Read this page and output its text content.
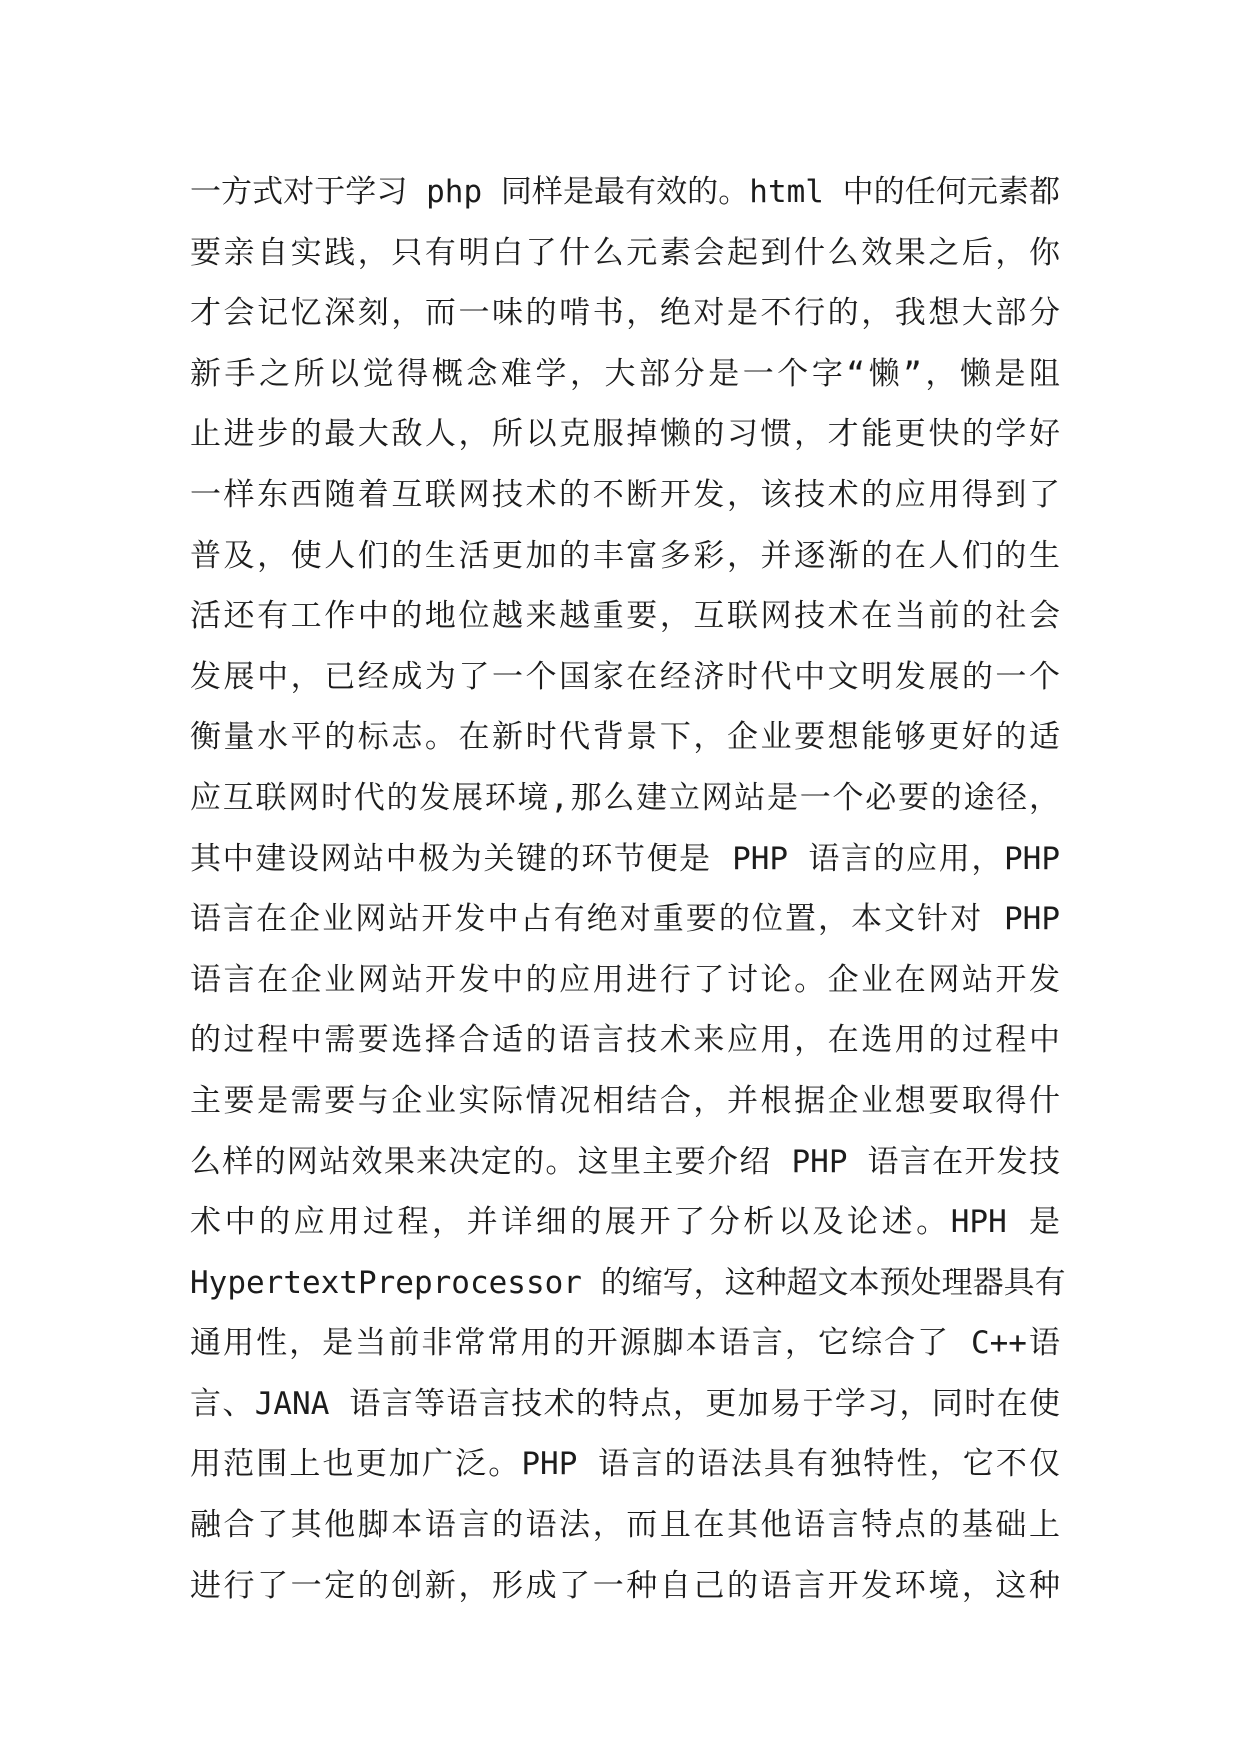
一方式对于学习 php 同样是最有效的。html 中的任何元素都
要亲自实践，只有明白了什么元素会起到什么效果之后，你
才会记忆深刻，而一味的啃书，绝对是不行的，我想大部分
新手之所以觉得概念难学，大部分是一个字“懒”，懒是阻
止进步的最大敌人，所以克服掉懒的习惯，才能更快的学好
一样东西随着互联网技术的不断开发，该技术的应用得到了
普及，使人们的生活更加的丰富多彩，并逐渐的在人们的生
活还有工作中的地位越来越重要，互联网技术在当前的社会
发展中，已经成为了一个国家在经济时代中文明发展的一个
衡量水平的标志。在新时代背景下，企业要想能够更好的适
应互联网时代的发展环境,那么建立网站是一个必要的途径，
其中建设网站中极为关键的环节便是 PHP 语言的应用，PHP
语言在企业网站开发中占有绝对重要的位置，本文针对 PHP
语言在企业网站开发中的应用进行了讨论。企业在网站开发
的过程中需要选择合适的语言技术来应用，在选用的过程中
主要是需要与企业实际情况相结合，并根据企业想要取得什
么样的网站效果来决定的。这里主要介绍 PHP 语言在开发技
术中的应用过程，并详细的展开了分析以及论述。HPH 是
HypertextPreprocessor 的缩写，这种超文本预处理器具有
通用性，是当前非常常用的开源脚本语言，它综合了 C++语
言、JANA 语言等语言技术的特点，更加易于学习，同时在使
用范围上也更加广泛。PHP 语言的语法具有独特性，它不仅
融合了其他脚本语言的语法，而且在其他语言特点的基础上
进行了一定的创新，形成了一种自己的语言开发环境，这种
